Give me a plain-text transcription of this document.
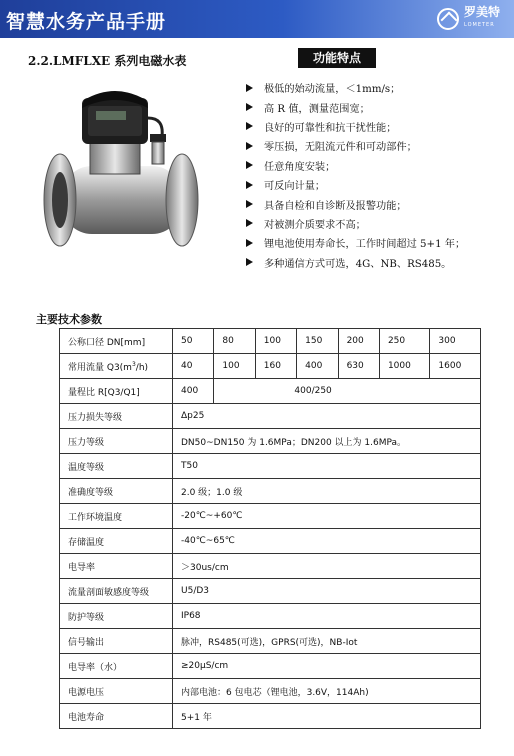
智慧水务产品手册	罗美特
LOMETER
2.2.LMFLXE 系列电磁水表	功能特点
极低的始动流量，＜1mm/s；
高 R 值，测量范围宽；
良好的可靠性和抗干扰性能；
零压损，无阻流元件和可动部件；
任意角度安装；
可反向计量；
具备自检和自诊断及报警功能；
对被测介质要求不高；
锂电池使用寿命长，工作时间超过 5+1 年；
多种通信方式可选，4G、NB、RS485。
主要技术参数
公称口径 DN[mm]	50	80	100	150	200	250	300
常用流量 $Q3(m^3/h)$	40	100	160	400	630	1000	1600
量程比 R[Q3/Q1]	400	400/250					
压力损失等级	Δp25						
压力等级	DN50~DN150 为 1.6MPa；DN200 以上为 1.6MPa。						
温度等级	T50						
准确度等级	2.0 级；1.0 级						
工作环境温度	-20℃~+60℃						
存储温度	-40℃~65℃						
电导率	＞30us/cm						
流量剖面敏感度等级	U5/D3						
防护等级	IP68						
信号输出	脉冲，RS485(可选)，GPRS(可选)，NB-Iot						
电导率（水）	≥20μS/cm						
电源电压	内部电池：6 包电芯（锂电池，3.6V，114Ah)						
电池寿命	5+1 年						
